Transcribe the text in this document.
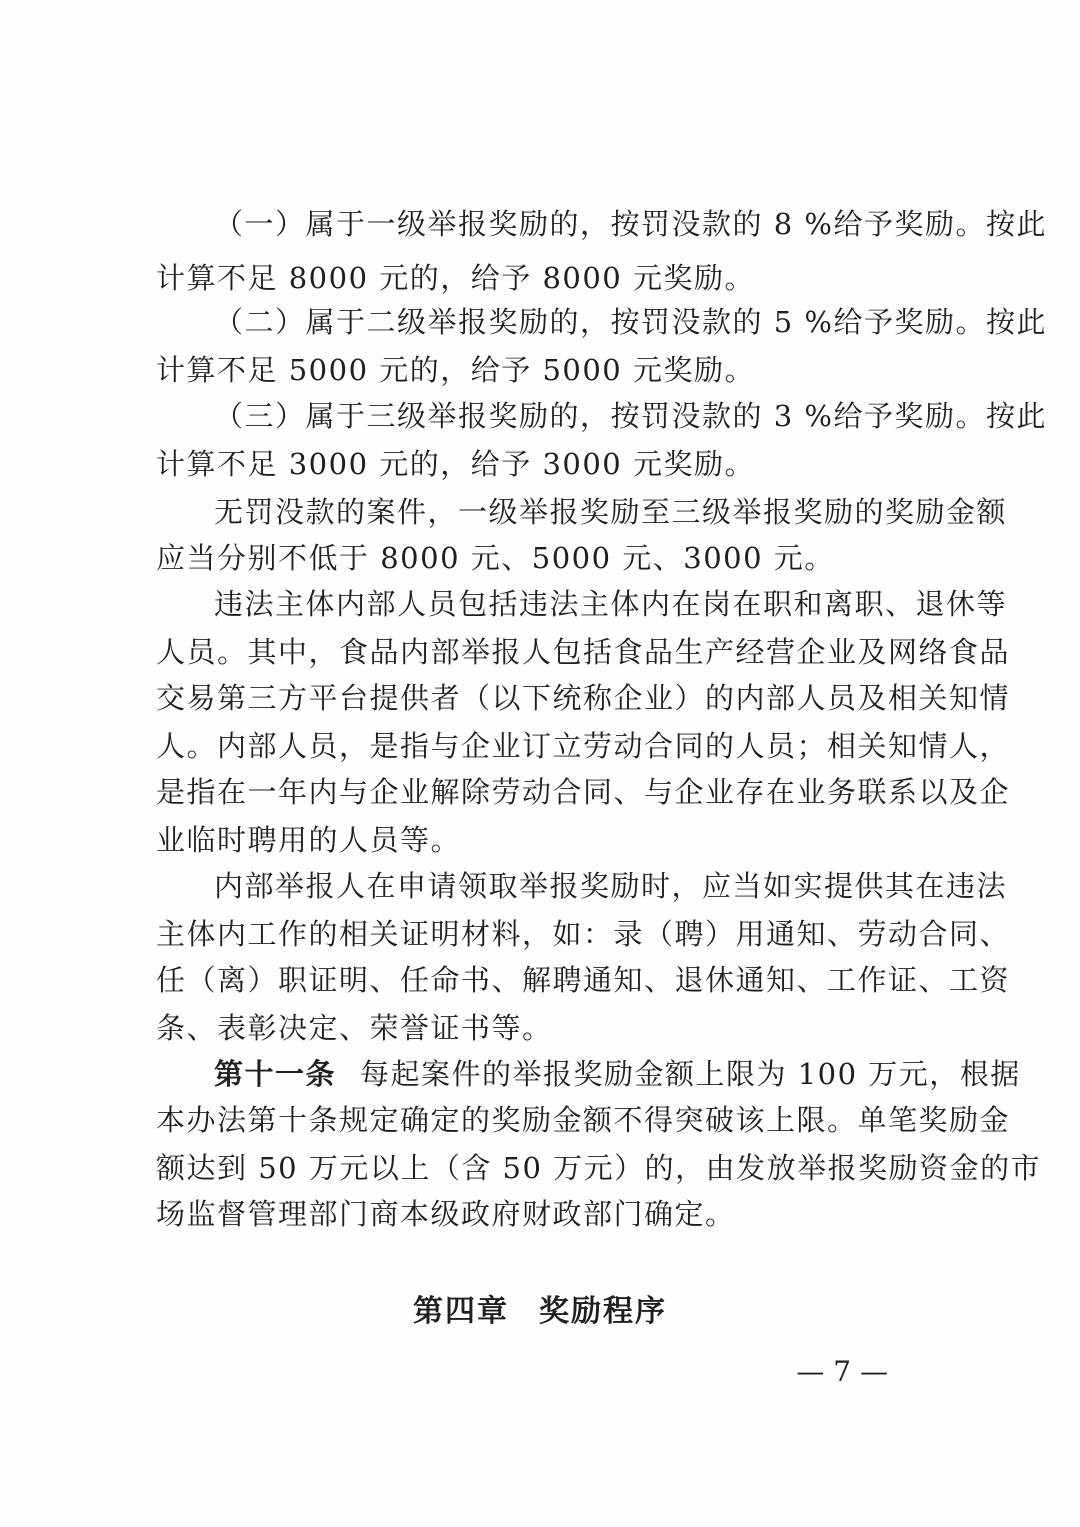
（一）属于一级举报奖励的，按罚没款的 8 %给予奖励。按此
计算不足 8000 元的，给予 8000 元奖励。
（二）属于二级举报奖励的，按罚没款的 5 %给予奖励。按此
计算不足 5000 元的，给予 5000 元奖励。
（三）属于三级举报奖励的，按罚没款的 3 %给予奖励。按此
计算不足 3000 元的，给予 3000 元奖励。
无罚没款的案件，一级举报奖励至三级举报奖励的奖励金额
应当分别不低于 8000 元、5000 元、3000 元。
违法主体内部人员包括违法主体内在岗在职和离职、退休等
人员。其中，食品内部举报人包括食品生产经营企业及网络食品
交易第三方平台提供者（以下统称企业）的内部人员及相关知情
人。内部人员，是指与企业订立劳动合同的人员；相关知情人，
是指在一年内与企业解除劳动合同、与企业存在业务联系以及企
业临时聘用的人员等。
内部举报人在申请领取举报奖励时，应当如实提供其在违法
主体内工作的相关证明材料，如：录（聘）用通知、劳动合同、
任（离）职证明、任命书、解聘通知、退休通知、工作证、工资
条、表彰决定、荣誉证书等。
第十一条 每起案件的举报奖励金额上限为 100 万元，根据
本办法第十条规定确定的奖励金额不得突破该上限。单笔奖励金
额达到 50 万元以上（含 50 万元）的，由发放举报奖励资金的市
场监督管理部门商本级政府财政部门确定。
第四章 奖励程序
— 7 —
